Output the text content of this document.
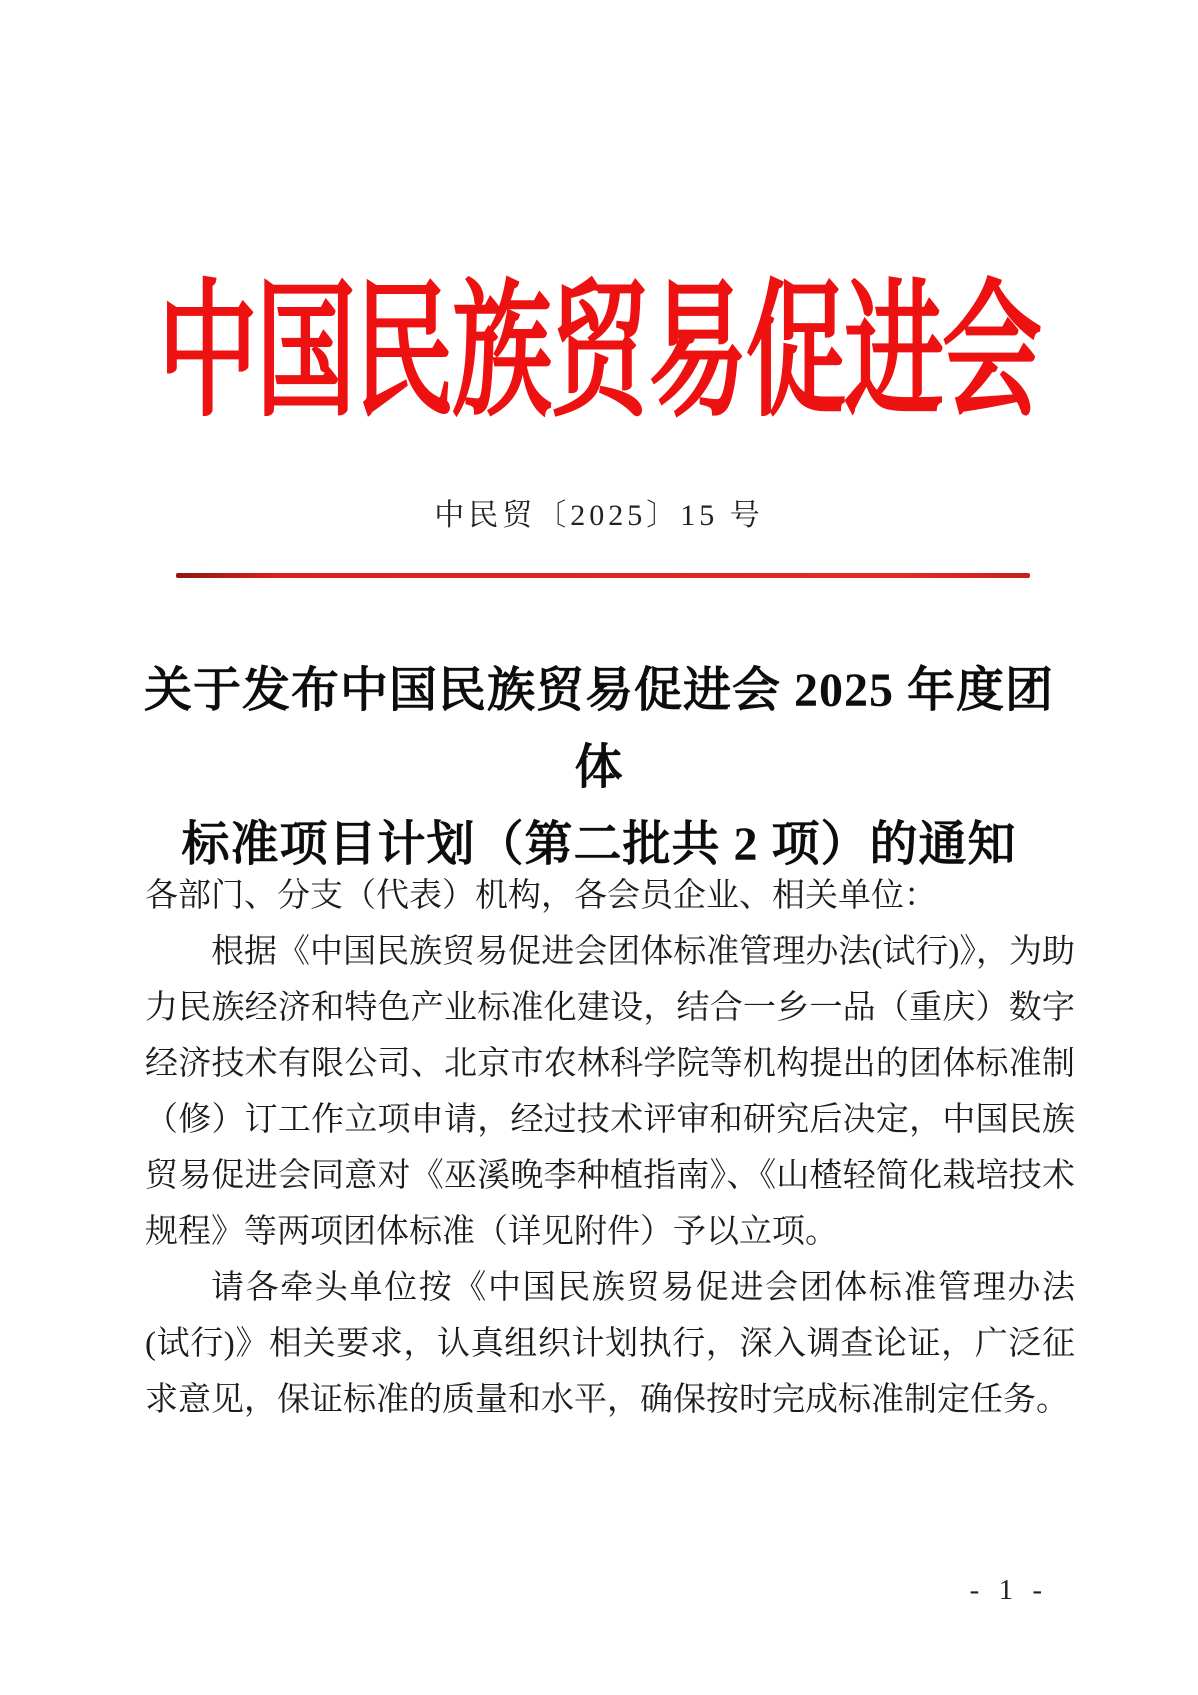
中国民族贸易促进会
中民贸〔2025〕15 号
关于发布中国民族贸易促进会 2025 年度团体
标准项目计划（第二批共 2 项）的通知

各部门、分支（代表）机构，各会员企业、相关单位：

根据《中国民族贸易促进会团体标准管理办法(试行)》，为助力民族经济和特色产业标准化建设，结合一乡一品（重庆）数字经济技术有限公司、北京市农林科学院等机构提出的团体标准制（修）订工作立项申请，经过技术评审和研究后决定，中国民族贸易促进会同意对《巫溪晚李种植指南》、《山楂轻简化栽培技术规程》等两项团体标准（详见附件）予以立项。

请各牵头单位按《中国民族贸易促进会团体标准管理办法(试行)》相关要求，认真组织计划执行，深入调查论证，广泛征求意见，保证标准的质量和水平，确保按时完成标准制定任务。

- 1 -
